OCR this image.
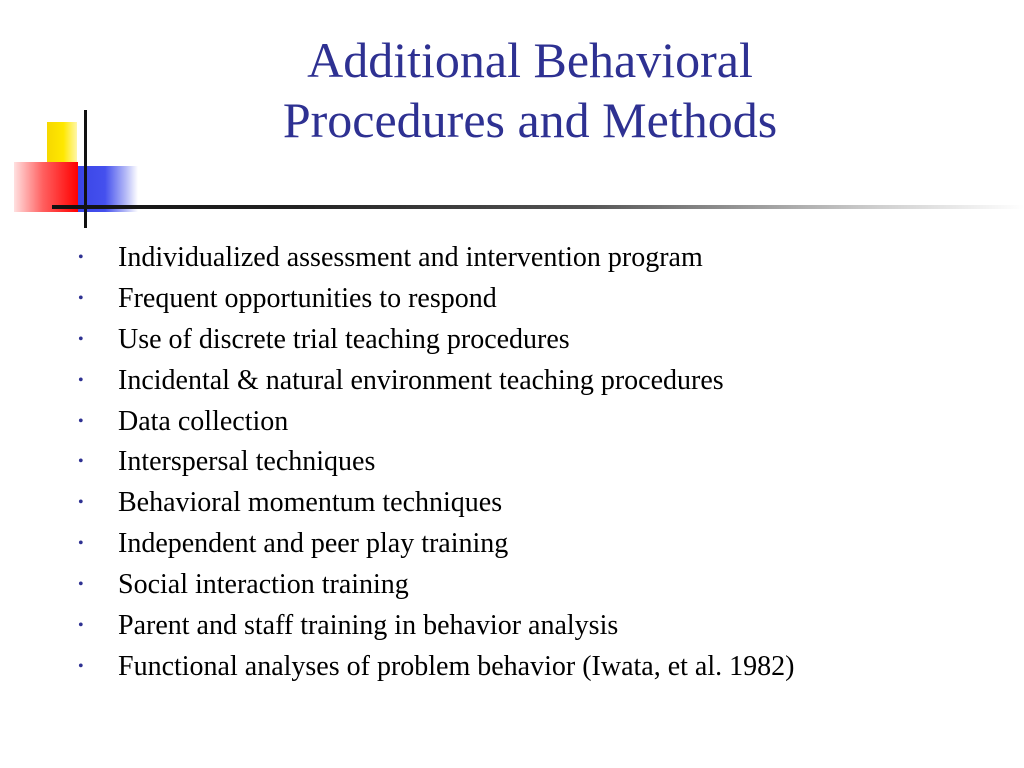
Additional Behavioral
Procedures and Methods
• Individualized assessment and intervention program
• Frequent opportunities to respond
• Use of discrete trial teaching procedures
• Incidental & natural environment teaching procedures
• Data collection
• Interspersal techniques
• Behavioral momentum techniques
• Independent and peer play training
• Social interaction training
• Parent and staff training in behavior analysis
• Functional analyses of problem behavior (Iwata, et al. 1982)
